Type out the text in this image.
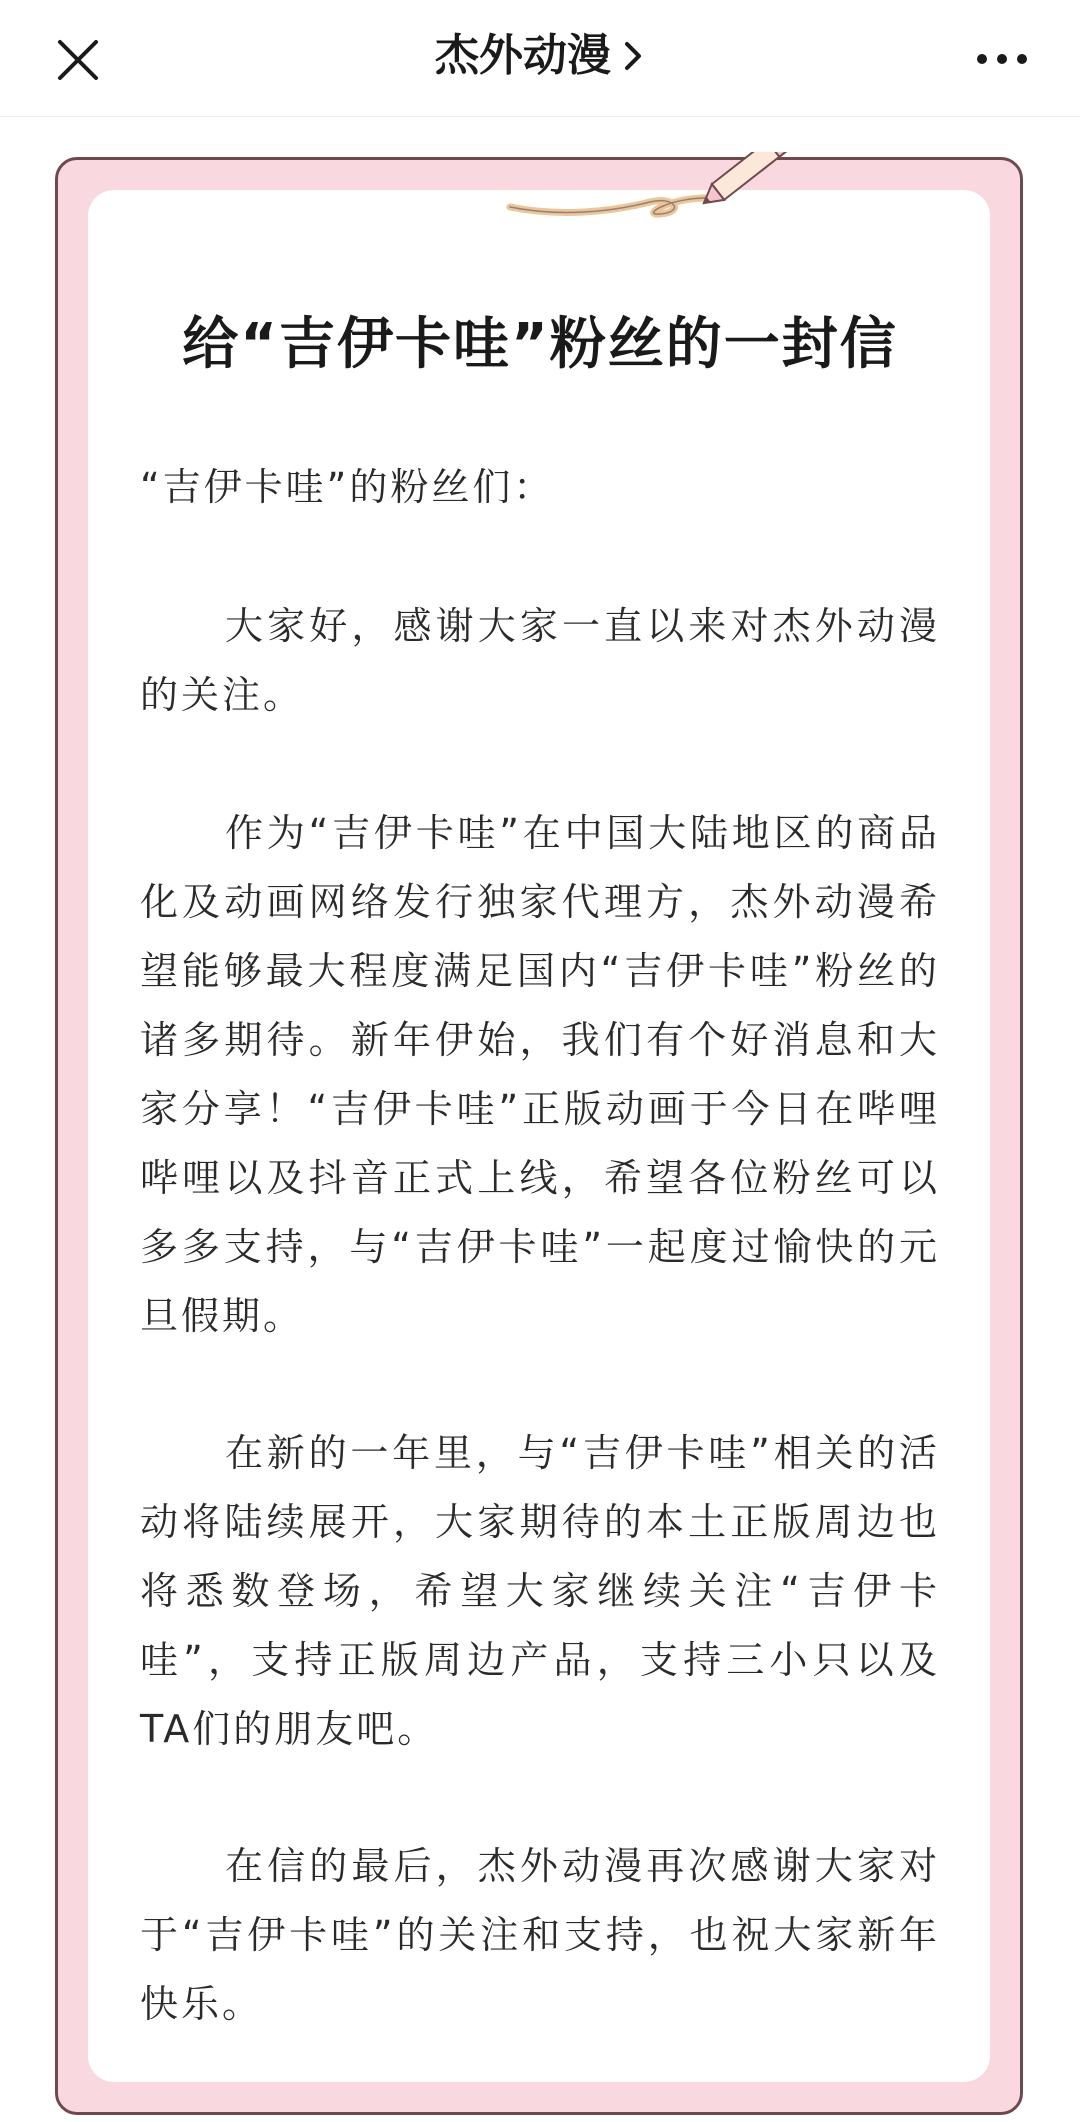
杰外动漫
给“吉伊卡哇”粉丝的一封信
“吉伊卡哇”的粉丝们：

大家好，感谢大家一直以来对杰外动漫的关注。

作为“吉伊卡哇”在中国大陆地区的商品化及动画网络发行独家代理方，杰外动漫希望能够最大程度满足国内“吉伊卡哇”粉丝的诸多期待。新年伊始，我们有个好消息和大家分享！“吉伊卡哇”正版动画于今日在哔哩哔哩以及抖音正式上线，希望各位粉丝可以多多支持，与“吉伊卡哇”一起度过愉快的元旦假期。

在新的一年里，与“吉伊卡哇”相关的活动将陆续展开，大家期待的本土正版周边也将悉数登场，希望大家继续关注“吉伊卡哇”，支持正版周边产品，支持三小只以及TA们的朋友吧。

在信的最后，杰外动漫再次感谢大家对于“吉伊卡哇”的关注和支持，也祝大家新年快乐。
